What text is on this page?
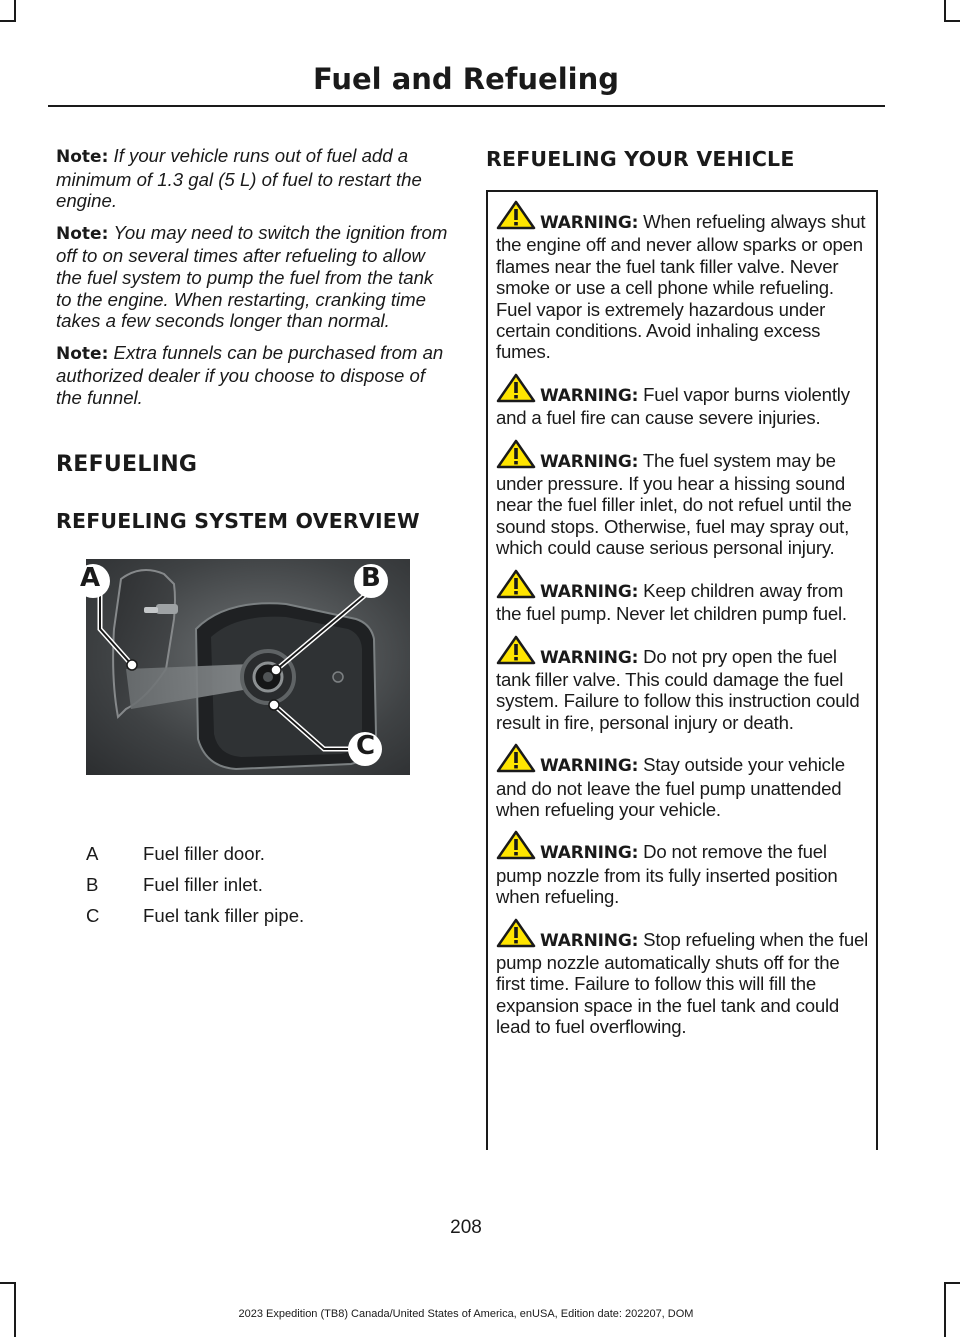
Fuel and Refueling

Note: If your vehicle runs out of fuel add a minimum of 1.3 gal (5 L) of fuel to restart the engine.

Note: You may need to switch the ignition from off to on several times after refueling to allow the fuel system to pump the fuel from the tank to the engine. When restarting, cranking time takes a few seconds longer than normal.

Note: Extra funnels can be purchased from an authorized dealer if you choose to dispose of the funnel.

REFUELING
REFUELING SYSTEM OVERVIEW
A	B
C
A	Fuel filler door.
B	Fuel filler inlet.
C	Fuel tank filler pipe.
REFUELING YOUR VEHICLE

WARNING: When refueling always shut the engine off and never allow sparks or open flames near the fuel tank filler valve. Never smoke or use a cell phone while refueling. Fuel vapor is extremely hazardous under certain conditions. Avoid inhaling excess fumes.

WARNING: Fuel vapor burns violently and a fuel fire can cause severe injuries.

WARNING: The fuel system may be under pressure. If you hear a hissing sound near the fuel filler inlet, do not refuel until the sound stops. Otherwise, fuel may spray out, which could cause serious personal injury.

WARNING: Keep children away from the fuel pump. Never let children pump fuel.

WARNING: Do not pry open the fuel tank filler valve. This could damage the fuel system. Failure to follow this instruction could result in fire, personal injury or death.

WARNING: Stay outside your vehicle and do not leave the fuel pump unattended when refueling your vehicle.

WARNING: Do not remove the fuel pump nozzle from its fully inserted position when refueling.

WARNING: Stop refueling when the fuel pump nozzle automatically shuts off for the first time. Failure to follow this will fill the expansion space in the fuel tank and could lead to fuel overflowing.

208
2023 Expedition (TB8) Canada/United States of America, enUSA, Edition date: 202207, DOM
